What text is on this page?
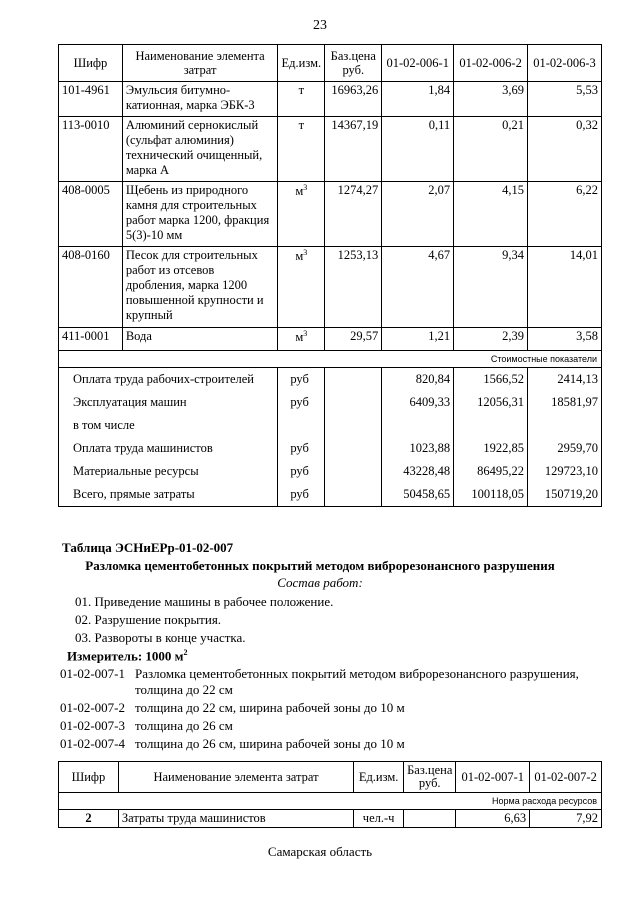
23
Шифр	Наименование элемента затрат	Ед.изм.	Баз.цена руб.	01-02-006-1	01-02-006-2	01-02-006-3
101-4961	Эмульсия битумно-катионная, марка ЭБК-3	т	16963,26	1,84	3,69	5,53
113-0010	Алюминий сернокислый (сульфат алюминия) технический очищенный, марка А	т	14367,19	0,11	0,21	0,32
408-0005	Щебень из природного камня для строительных работ марка 1200, фракция 5(3)-10 мм	$м^3$	1274,27	2,07	4,15	6,22
408-0160	Песок для строительных работ из отсевов дробления, марка 1200 повышенной крупности и крупный	$м^3$	1253,13	4,67	9,34	14,01
411-0001	Вода	$м^3$	29,57	1,21	2,39	3,58
Стоимостные показатели						
Оплата труда рабочих-строителей		руб		820,84	1566,52	2414,13
Эксплуатация машин		руб		6409,33	12056,31	18581,97
в том числе						
Оплата труда машинистов		руб		1023,88	1922,85	2959,70
Материальные ресурсы		руб		43228,48	86495,22	129723,10
Всего, прямые затраты		руб		50458,65	100118,05	150719,20
Таблица ЭСНиЕРр-01-02-007
Разломка цементобетонных покрытий методом виброрезонансного разрушения
Состав работ:
01. Приведение машины в рабочее положение.
02. Разрушение покрытия.
03. Развороты в конце участка.
Измеритель: 1000 $м^2$
01-02-007-1 Разломка цементобетонных покрытий методом виброрезонансного разрушения,
толщина до 22 см
01-02-007-2 толщина до 22 см, ширина рабочей зоны до 10 м
01-02-007-3 толщина до 26 см
01-02-007-4 толщина до 26 см, ширина рабочей зоны до 10 м
Шифр	Наименование элемента затрат	Ед.изм.	Баз.цена руб.	01-02-007-1	01-02-007-2
Норма расхода ресурсов					
2	Затраты труда машинистов	чел.-ч		6,63	7,92
Самарская область
